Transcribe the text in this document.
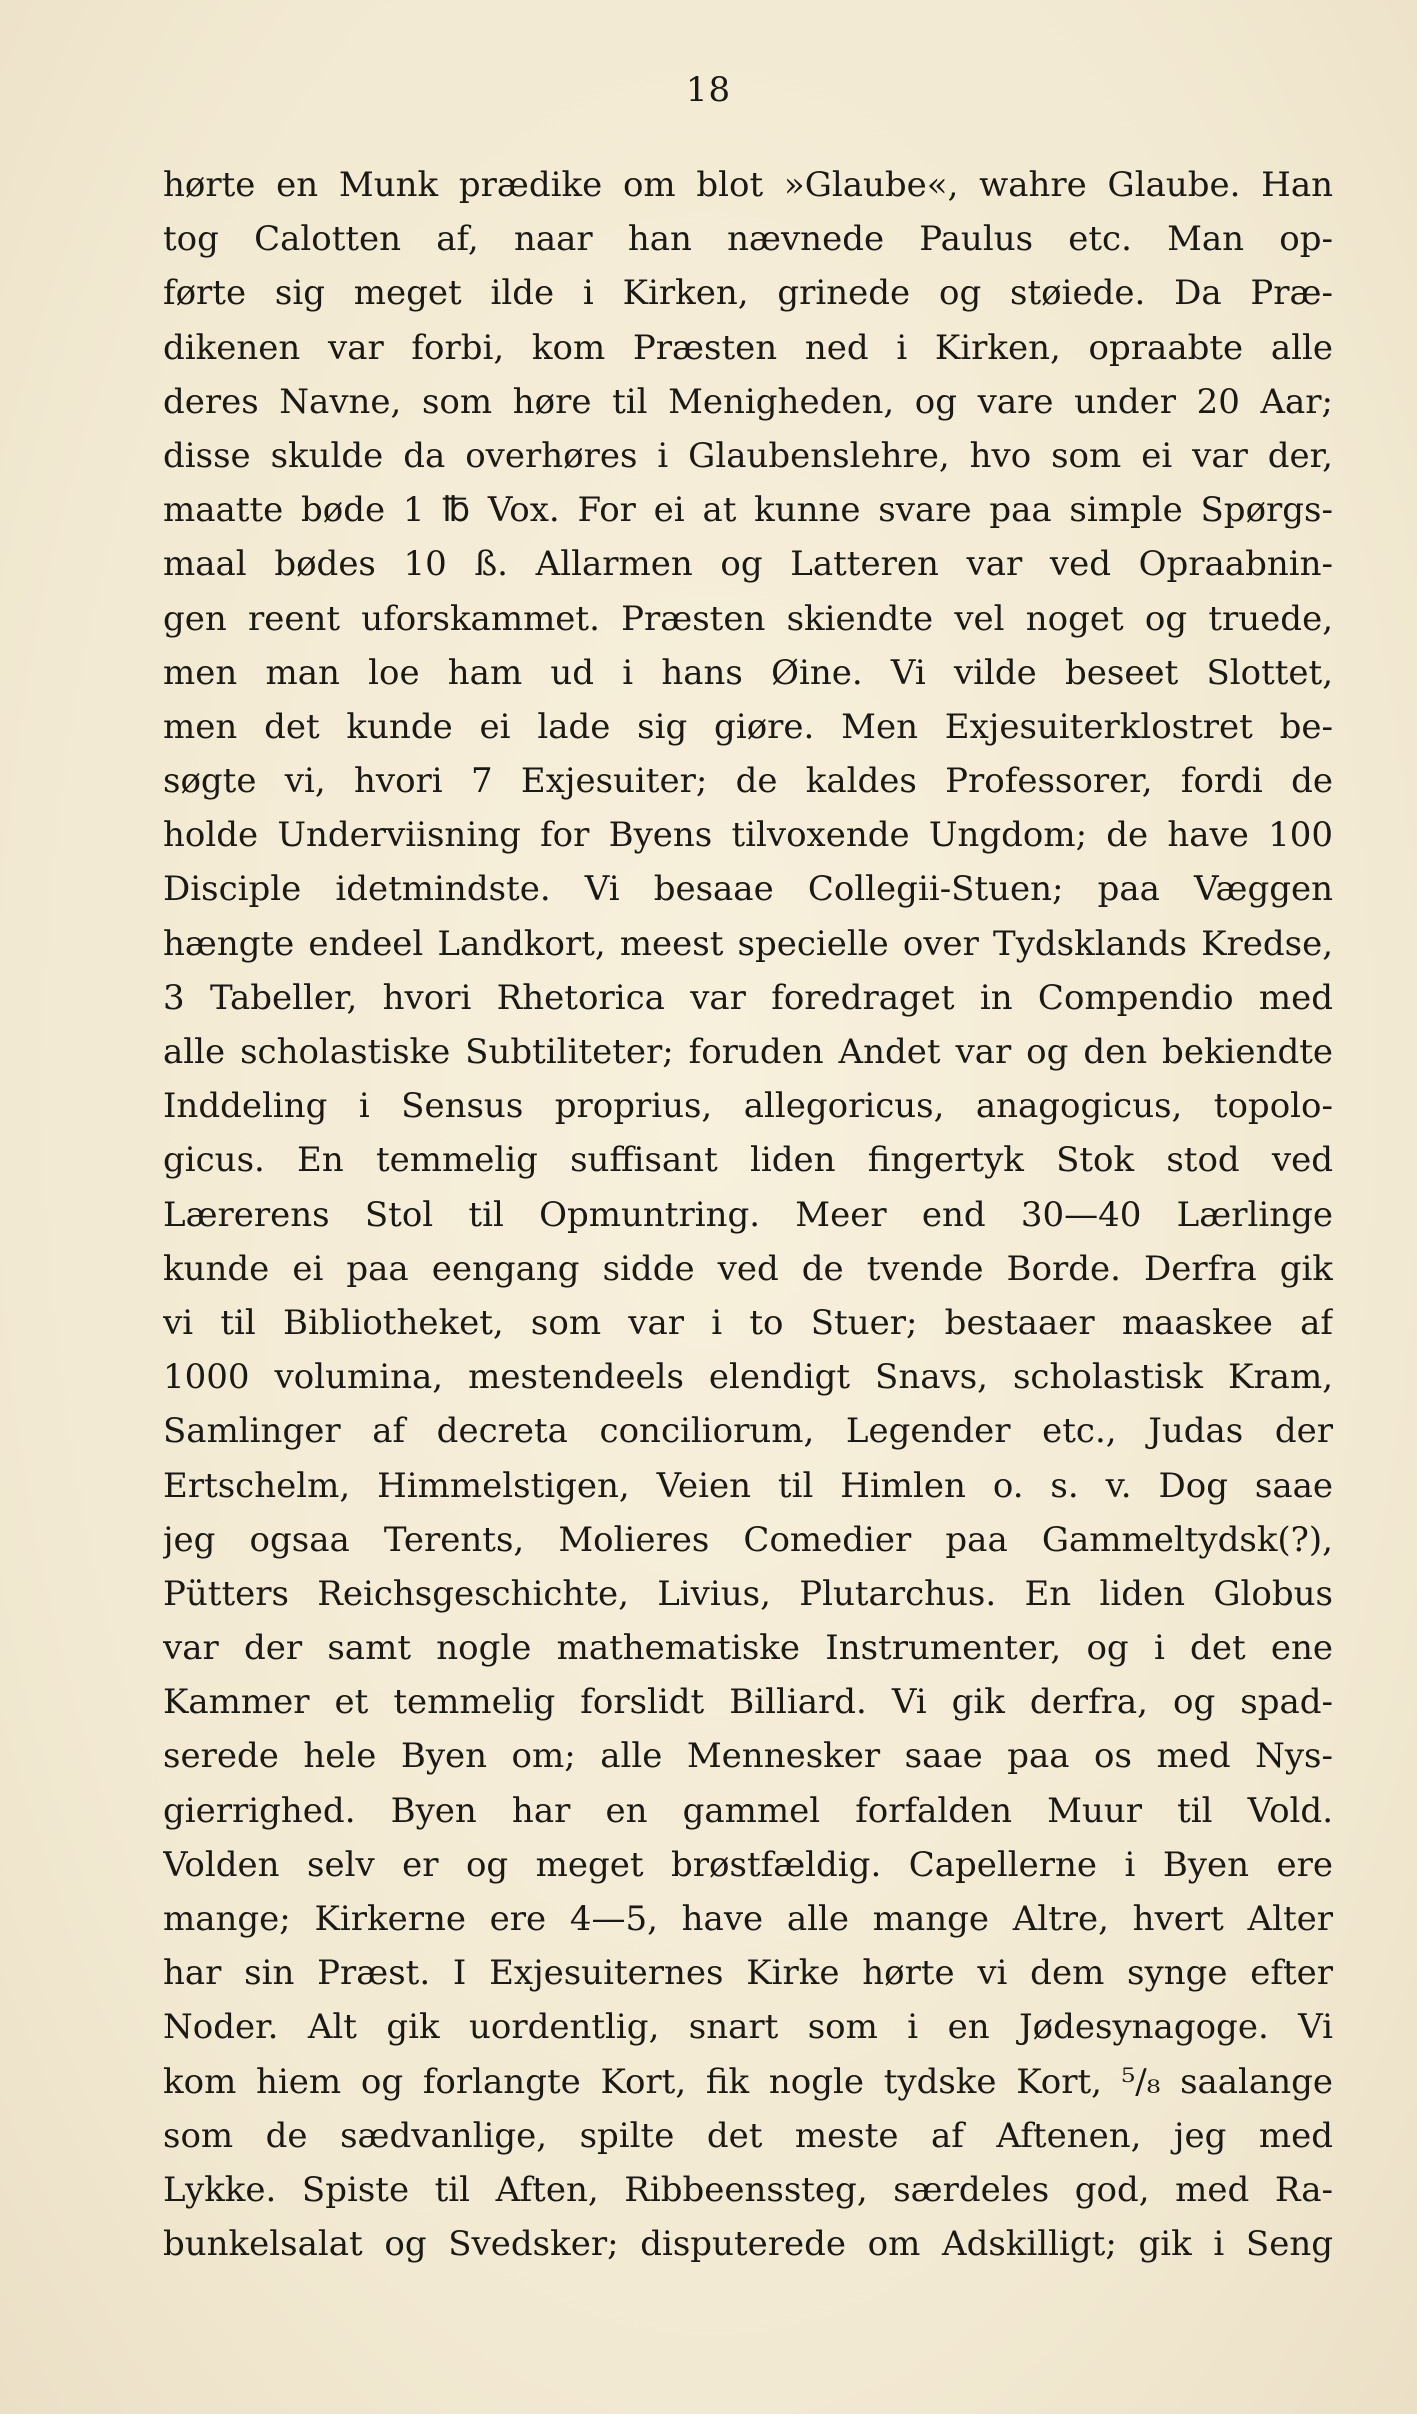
18
hørte en Munk prædike om blot »Glaube«, wahre Glaube. Han
tog Calotten af, naar han nævnede Paulus etc. Man op-
førte sig meget ilde i Kirken, grinede og støiede. Da Præ-
dikenen var forbi, kom Præsten ned i Kirken, opraabte alle
deres Navne, som høre til Menigheden, og vare under 20 Aar;
disse skulde da overhøres i Glaubenslehre, hvo som ei var der,
maatte bøde 1 ℔ Vox. For ei at kunne svare paa simple Spørgs-
maal bødes 10 ß. Allarmen og Latteren var ved Opraabnin-
gen reent uforskammet. Præsten skiendte vel noget og truede,
men man loe ham ud i hans Øine. Vi vilde beseet Slottet,
men det kunde ei lade sig giøre. Men Exjesuiterklostret be-
søgte vi, hvori 7 Exjesuiter; de kaldes Professorer, fordi de
holde Underviisning for Byens tilvoxende Ungdom; de have 100
Disciple idetmindste. Vi besaae Collegii-Stuen; paa Væggen
hængte endeel Landkort, meest specielle over Tydsklands Kredse,
3 Tabeller, hvori Rhetorica var foredraget in Compendio med
alle scholastiske Subtiliteter; foruden Andet var og den bekiendte
Inddeling i Sensus proprius, allegoricus, anagogicus, topolo-
gicus. En temmelig suffisant liden fingertyk Stok stod ved
Lærerens Stol til Opmuntring. Meer end 30—40 Lærlinge
kunde ei paa eengang sidde ved de tvende Borde. Derfra gik
vi til Bibliotheket, som var i to Stuer; bestaaer maaskee af
1000 volumina, mestendeels elendigt Snavs, scholastisk Kram,
Samlinger af decreta conciliorum, Legender etc., Judas der
Ertschelm, Himmelstigen, Veien til Himlen o. s. v. Dog saae
jeg ogsaa Terents, Molieres Comedier paa Gammeltydsk(?),
Pütters Reichsgeschichte, Livius, Plutarchus. En liden Globus
var der samt nogle mathematiske Instrumenter, og i det ene
Kammer et temmelig forslidt Billiard. Vi gik derfra, og spad-
serede hele Byen om; alle Mennesker saae paa os med Nys-
gierrighed. Byen har en gammel forfalden Muur til Vold.
Volden selv er og meget brøstfældig. Capellerne i Byen ere
mange; Kirkerne ere 4—5, have alle mange Altre, hvert Alter
har sin Præst. I Exjesuiternes Kirke hørte vi dem synge efter
Noder. Alt gik uordentlig, snart som i en Jødesynagoge. Vi
kom hiem og forlangte Kort, fik nogle tydske Kort, ⁵/₈ saalange
som de sædvanlige, spilte det meste af Aftenen, jeg med
Lykke. Spiste til Aften, Ribbeenssteg, særdeles god, med Ra-
bunkelsalat og Svedsker; disputerede om Adskilligt; gik i Seng
